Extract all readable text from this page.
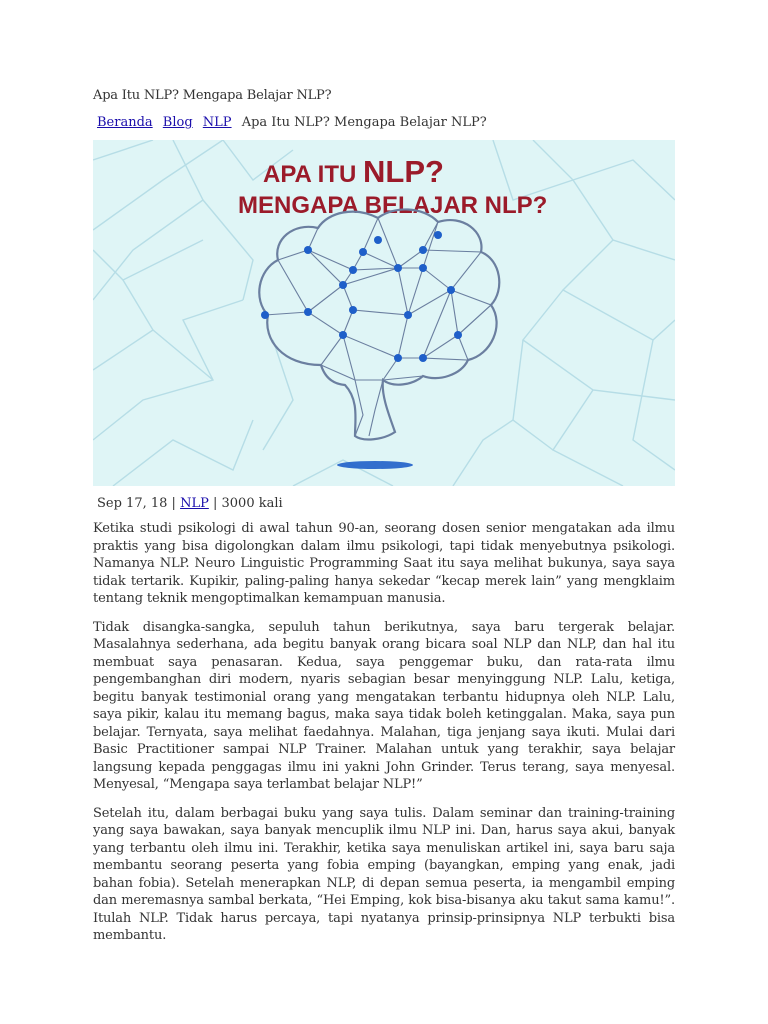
Apa Itu NLP? Mengapa Belajar NLP?
Beranda Blog NLP Apa Itu NLP? Mengapa Belajar NLP?
APA ITU NLP?
MENGAPA BELAJAR NLP?
Sep 17, 18 | NLP | 3000 kali

Ketika studi psikologi di awal tahun 90-an, seorang dosen senior mengatakan ada ilmu praktis yang bisa digolongkan dalam ilmu psikologi, tapi tidak menyebutnya psikologi. Namanya NLP. Neuro Linguistic Programming Saat itu saya melihat bukunya, saya saya tidak tertarik. Kupikir, paling-paling hanya sekedar “kecap merek lain” yang mengklaim tentang teknik mengoptimalkan kemampuan manusia.

Tidak disangka-sangka, sepuluh tahun berikutnya, saya baru tergerak belajar. Masalahnya sederhana, ada begitu banyak orang bicara soal NLP dan NLP, dan hal itu membuat saya penasaran. Kedua, saya penggemar buku, dan rata-rata ilmu pengembanghan diri modern, nyaris sebagian besar menyinggung NLP. Lalu, ketiga, begitu banyak testimonial orang yang mengatakan terbantu hidupnya oleh NLP. Lalu, saya pikir, kalau itu memang bagus, maka saya tidak boleh ketinggalan. Maka, saya pun belajar. Ternyata, saya melihat faedahnya. Malahan, tiga jenjang saya ikuti. Mulai dari Basic Practitioner sampai NLP Trainer. Malahan untuk yang terakhir, saya belajar langsung kepada penggagas ilmu ini yakni John Grinder. Terus terang, saya menyesal. Menyesal, “Mengapa saya terlambat belajar NLP!”

Setelah itu, dalam berbagai buku yang saya tulis. Dalam seminar dan training-training yang saya bawakan, saya banyak mencuplik ilmu NLP ini. Dan, harus saya akui, banyak yang terbantu oleh ilmu ini. Terakhir, ketika saya menuliskan artikel ini, saya baru saja membantu seorang peserta yang fobia emping (bayangkan, emping yang enak, jadi bahan fobia). Setelah menerapkan NLP, di depan semua peserta, ia mengambil emping dan meremasnya sambal berkata, “Hei Emping, kok bisa-bisanya aku takut sama kamu!”. Itulah NLP. Tidak harus percaya, tapi nyatanya prinsip-prinsipnya NLP terbukti bisa membantu.
